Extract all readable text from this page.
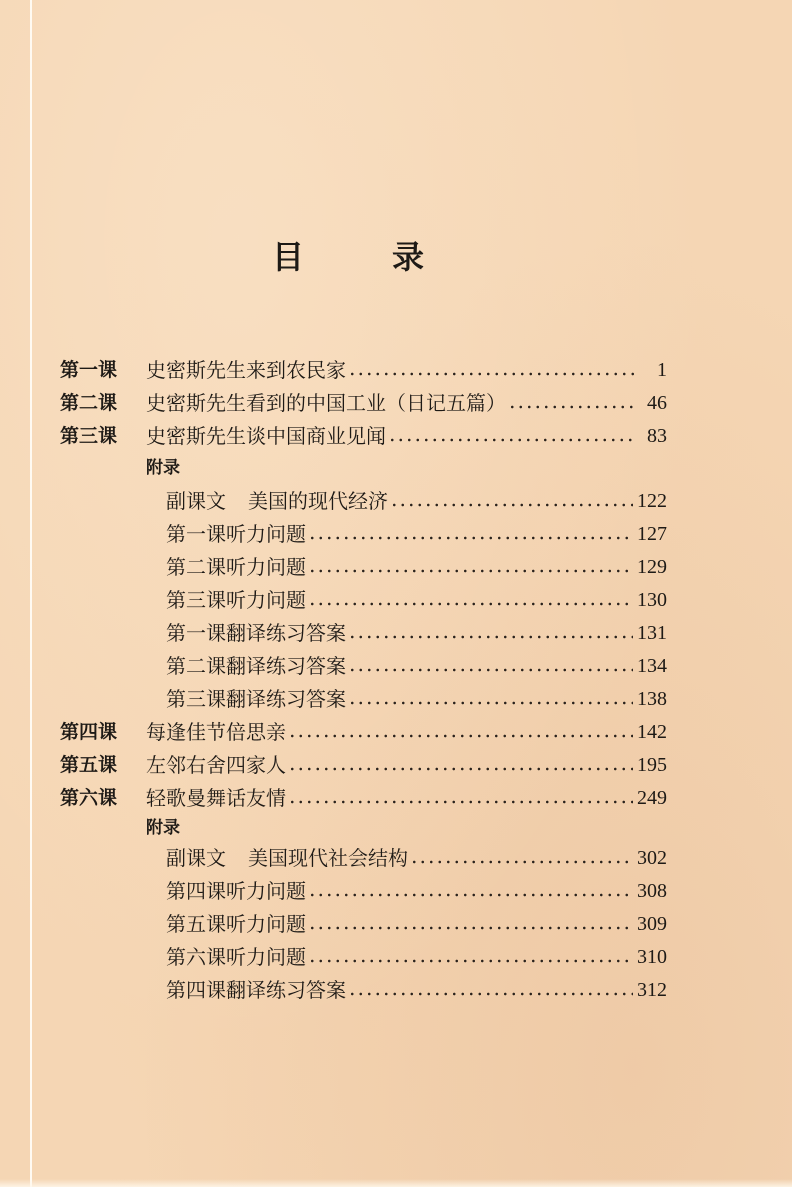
目	录
第一课	史密斯先生来到农民家	1
第二课	史密斯先生看到的中国工业（日记五篇）	46
第三课	史密斯先生谈中国商业见闻	83
附录
副课文 美国的现代经济	122
第一课听力问题	127
第二课听力问题	129
第三课听力问题	130
第一课翻译练习答案	131
第二课翻译练习答案	134
第三课翻译练习答案	138
第四课	每逢佳节倍思亲	142
第五课	左邻右舍四家人	195
第六课	轻歌曼舞话友情	249
附录
副课文 美国现代社会结构	302
第四课听力问题	308
第五课听力问题	309
第六课听力问题	310
第四课翻译练习答案	312
